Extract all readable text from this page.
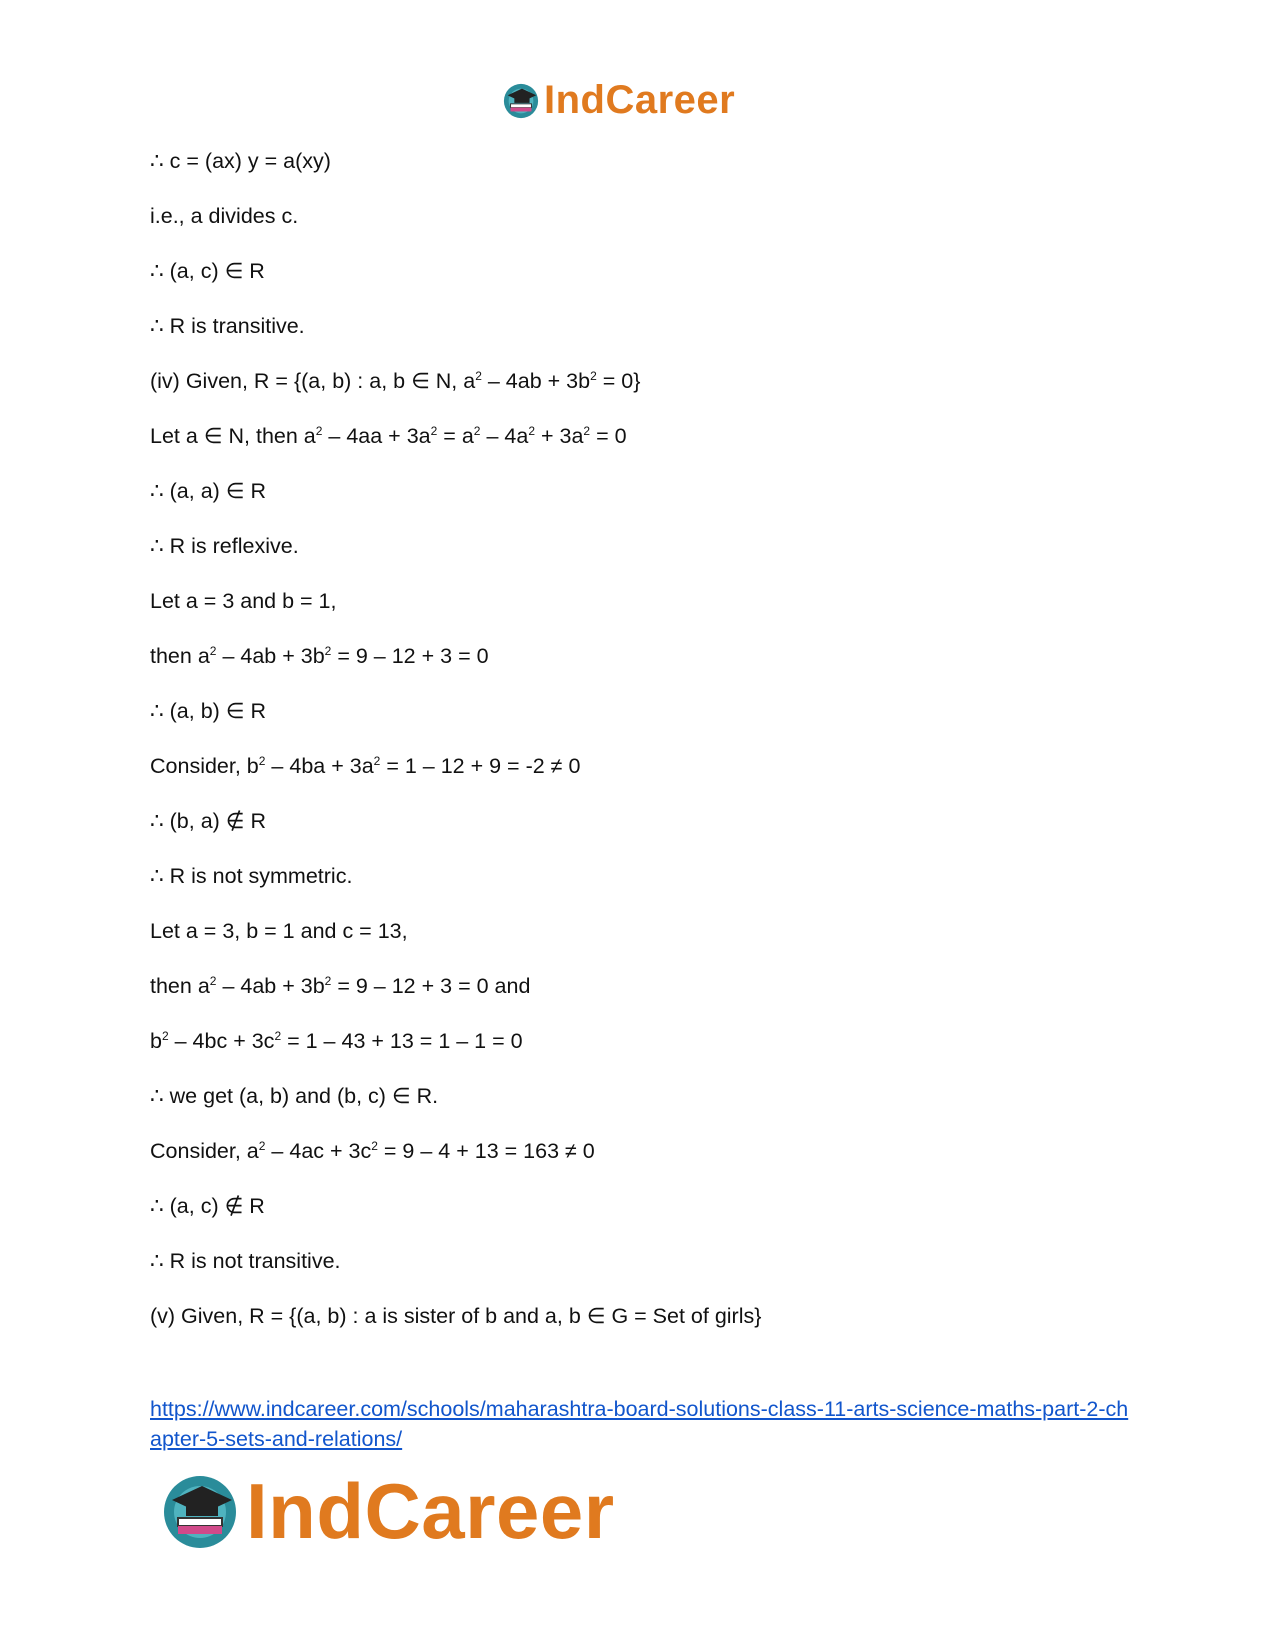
IndCareer
∴ c = (ax) y = a(xy)
i.e., a divides c.
∴ (a, c) ∈ R
∴ R is transitive.
(iv) Given, R = {(a, b) : a, b ∈ N, $a^2 - 4ab + 3b^2 = 0$}
Let a ∈ N, then $a^2 - 4aa + 3a^2 = a^2 - 4a^2 + 3a^2 = 0$
∴ (a, a) ∈ R
∴ R is reflexive.
Let a = 3 and b = 1,
then $a^2 - 4ab + 3b^2 = 9 - 12 + 3 = 0$
∴ (a, b) ∈ R
Consider, $b^2 - 4ba + 3a^2 = 1 - 12 + 9 = -2 \ne 0$
∴ (b, a) ∉ R
∴ R is not symmetric.
Let a = 3, b = 1 and c = 13,
then $a^2 - 4ab + 3b^2 = 9 - 12 + 3 = 0$ and
$b^2 - 4bc + 3c^2 = 1 - 43 + 13 = 1 - 1 = 0$
∴ we get (a, b) and (b, c) ∈ R.
Consider, $a^2 - 4ac + 3c^2 = 9 - 4 + 13 = 163 \ne 0$
∴ (a, c) ∉ R
∴ R is not transitive.
(v) Given, R = {(a, b) : a is sister of b and a, b ∈ G = Set of girls}
https://www.indcareer.com/schools/maharashtra-board-solutions-class-11-arts-science-maths-part-2-chapter-5-sets-and-relations/
IndCareer
